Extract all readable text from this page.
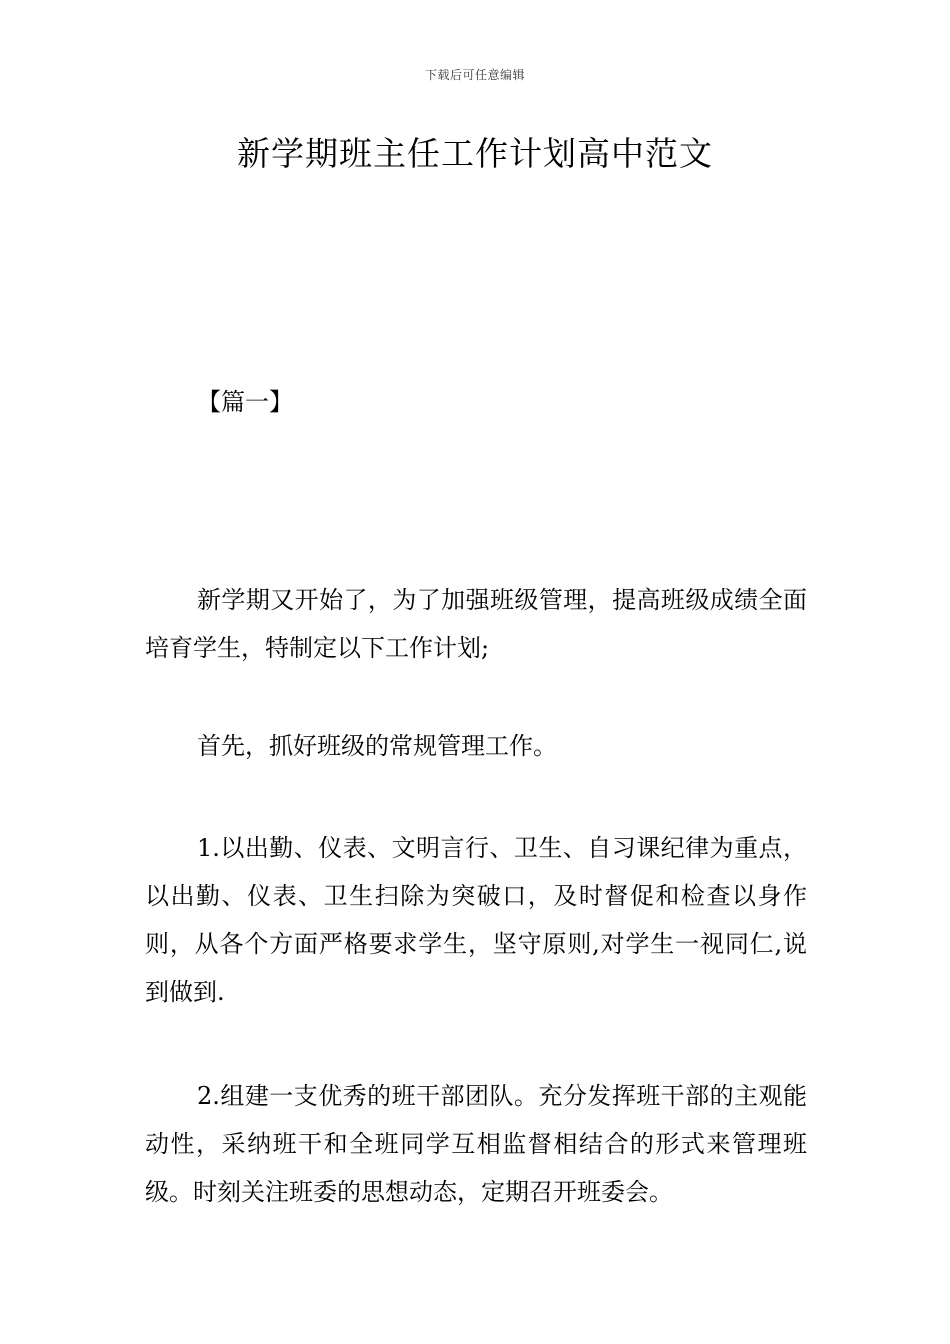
下载后可任意编辑
新学期班主任工作计划高中范文
【篇一】

新学期又开始了，为了加强班级管理，提高班级成绩全面培育学生，特制定以下工作计划;

首先，抓好班级的常规管理工作。

1.以出勤、仪表、文明言行、卫生、自习课纪律为重点，以出勤、仪表、卫生扫除为突破口，及时督促和检查以身作则，从各个方面严格要求学生，坚守原则,对学生一视同仁,说到做到.

2.组建一支优秀的班干部团队。充分发挥班干部的主观能动性，采纳班干和全班同学互相监督相结合的形式来管理班级。时刻关注班委的思想动态，定期召开班委会。
